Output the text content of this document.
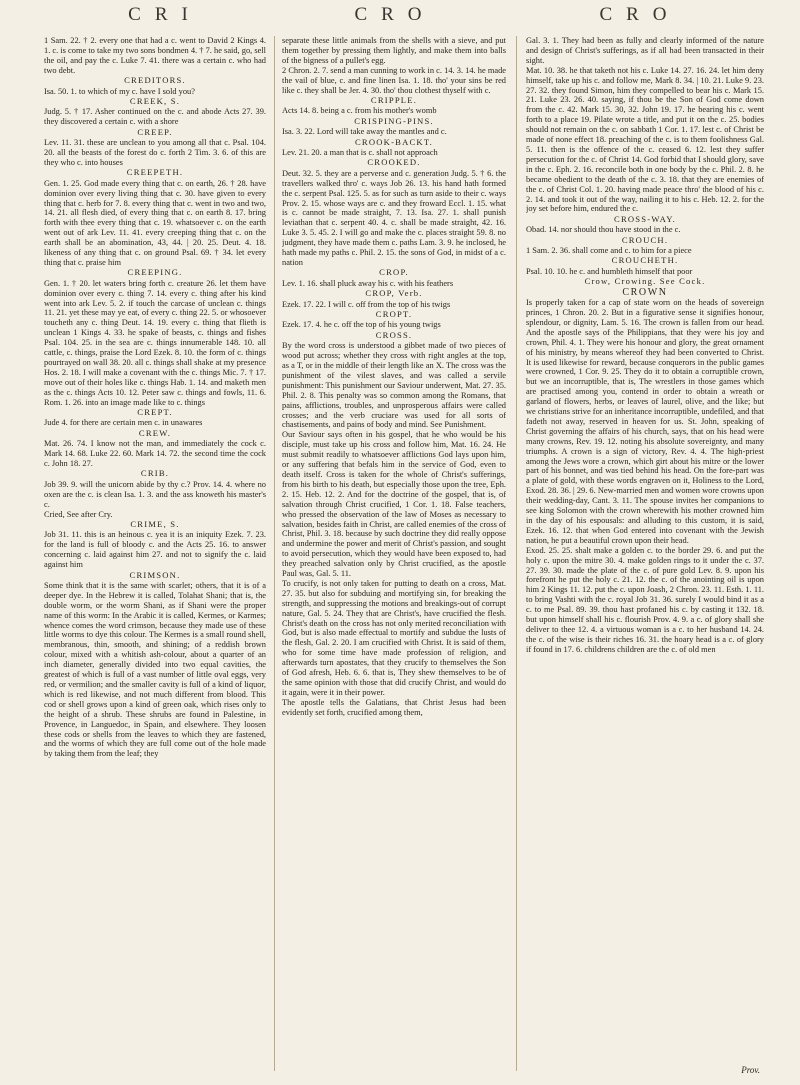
CRI	CRO	CRO

1 Sam. 22. † 2. every one that had a c. went to David 2 Kings 4. 1. c. is come to take my two sons bondmen 4. † 7. he said, go, sell the oil, and pay the c. Luke 7. 41. there was a certain c. who had two debt.

CREDITORS.

Isa. 50. 1. to which of my c. have I sold you?

CREEK, S.

Judg. 5. † 17. Asher continued on the c. and abode Acts 27. 39. they discovered a certain c. with a shore

CREEP.

Lev. 11. 31. these are unclean to you among all that c. Psal. 104. 20. all the beasts of the forest do c. forth 2 Tim. 3. 6. of this are they who c. into houses

CREEPETH.

Gen. 1. 25. God made every thing that c. on earth, 26. † 28. have dominion over every living thing that c. 30. have given to every thing that c. herb for 7. 8. every thing that c. went in two and two, 14. 21. all flesh died, of every thing that c. on earth 8. 17. bring forth with thee every thing that c. 19. whatsoever c. on the earth went out of ark Lev. 11. 41. every creeping thing that c. on the earth shall be an abomination, 43, 44. | 20. 25. Deut. 4. 18. likeness of any thing that c. on ground Psal. 69. † 34. let every thing that c. praise him

CREEPING.

Gen. 1. † 20. let waters bring forth c. creature 26. let them have dominion over every c. thing 7. 14. every c. thing after his kind went into ark Lev. 5. 2. if touch the carcase of unclean c. things 11. 21. yet these may ye eat, of every c. thing 22. 5. or whosoever toucheth any c. thing Deut. 14. 19. every c. thing that flieth is unclean 1 Kings 4. 33. he spake of beasts, c. things and fishes Psal. 104. 25. in the sea are c. things innumerable 148. 10. all cattle, c. things, praise the Lord Ezek. 8. 10. the form of c. things pourtrayed on wall 38. 20. all c. things shall shake at my presence Hos. 2. 18. I will make a covenant with the c. things Mic. 7. † 17. move out of their holes like c. things Hab. 1. 14. and maketh men as the c. things Acts 10. 12. Peter saw c. things and fowls, 11. 6. Rom. 1. 26. into an image made like to c. things

CREPT.

Jude 4. for there are certain men c. in unawares

CREW.

Mat. 26. 74. I know not the man, and immediately the cock c. Mark 14. 68. Luke 22. 60. Mark 14. 72. the second time the cock c. John 18. 27.

CRIB.

Job 39. 9. will the unicorn abide by thy c.? Prov. 14. 4. where no oxen are the c. is clean Isa. 1. 3. and the ass knoweth his master's c.

Cried, See after Cry.

CRIME, S.

Job 31. 11. this is an heinous c. yea it is an iniquity Ezek. 7. 23. for the land is full of bloody c. and the Acts 25. 16. to answer concerning c. laid against him 27. and not to signify the c. laid against him

CRIMSON.

Some think that it is the same with scarlet; others, that it is of a deeper dye. In the Hebrew it is called, Tolahat Shani; that is, the double worm, or the worm Shani, as if Shani were the proper name of this worm: In the Arabic it is called, Kermes, or Karmes; whence comes the word crimson, because they made use of these little worms to dye this colour. The Kermes is a small round shell, membranous, thin, smooth, and shining; of a reddish brown colour, mixed with a whitish ash-colour, about a quarter of an inch diameter, generally divided into two equal cavities, the greatest of which is full of a vast number of little oval eggs, very red, or vermilion; and the smaller cavity is full of a kind of liquor, which is red likewise, and not much different from blood. This cod or shell grows upon a kind of green oak, which rises only to the height of a shrub. These shrubs are found in Palestine, in Provence, in Languedoc, in Spain, and elsewhere. They loosen these cods or shells from the leaves to which they are fastened, and the worms of which they are full come out of the hole made by taking them from the leaf; they

separate these little animals from the shells with a sieve, and put them together by pressing them lightly, and make them into balls of the bigness of a pullet's egg.

2 Chron. 2. 7. send a man cunning to work in c. 14. 3. 14. he made the vail of blue, c. and fine linen Isa. 1. 18. tho' your sins be red like c. they shall be Jer. 4. 30. tho' thou clothest thyself with c.

CRIPPLE.

Acts 14. 8. being a c. from his mother's womb

CRISPING-PINS.

Isa. 3. 22. Lord will take away the mantles and c.

CROOK-BACKT.

Lev. 21. 20. a man that is c. shall not approach

CROOKED.

Deut. 32. 5. they are a perverse and c. generation Judg. 5. † 6. the travellers walked thro' c. ways Job 26. 13. his hand hath formed the c. serpent Psal. 125. 5. as for such as turn aside to their c. ways Prov. 2. 15. whose ways are c. and they froward Eccl. 1. 15. what is c. cannot be made straight, 7. 13. Isa. 27. 1. shall punish leviathan that c. serpent 40. 4. c. shall be made straight, 42. 16. Luke 3. 5. 45. 2. I will go and make the c. places straight 59. 8. no judgment, they have made them c. paths Lam. 3. 9. he inclosed, he hath made my paths c. Phil. 2. 15. the sons of God, in midst of a c. nation

CROP.

Lev. 1. 16. shall pluck away his c. with his feathers

CROP, Verb.

Ezek. 17. 22. I will c. off from the top of his twigs

CROPT.

Ezek. 17. 4. he c. off the top of his young twigs

CROSS.

By the word cross is understood a gibbet made of two pieces of wood put across; whether they cross with right angles at the top, as a T, or in the middle of their length like an X. The cross was the punishment of the vilest slaves, and was called a servile punishment: This punishment our Saviour underwent, Mat. 27. 35. Phil. 2. 8. This penalty was so common among the Romans, that pains, afflictions, troubles, and unprosperous affairs were called crosses; and the verb cruciare was used for all sorts of chastisements, and pains of body and mind. See Punishment.

Our Saviour says often in his gospel, that he who would be his disciple, must take up his cross and follow him, Mat. 16. 24. He must submit readily to whatsoever afflictions God lays upon him, or any suffering that befals him in the service of God, even to death itself. Cross is taken for the whole of Christ's sufferings, from his birth to his death, but especially those upon the tree, Eph. 2. 15. Heb. 12. 2. And for the doctrine of the gospel, that is, of salvation through Christ crucified, 1 Cor. 1. 18. False teachers, who pressed the observation of the law of Moses as necessary to salvation, besides faith in Christ, are called enemies of the cross of Christ, Phil. 3. 18. because by such doctrine they did really oppose and undermine the power and merit of Christ's passion, and sought to avoid persecution, which they would have been exposed to, had they preached salvation only by Christ crucified, as the apostle Paul was, Gal. 5. 11.

To crucify, is not only taken for putting to death on a cross, Mat. 27. 35. but also for subduing and mortifying sin, for breaking the strength, and suppressing the motions and breakings-out of corrupt nature, Gal. 5. 24. They that are Christ's, have crucified the flesh. Christ's death on the cross has not only merited reconciliation with God, but is also made effectual to mortify and subdue the lusts of the flesh, Gal. 2. 20. I am crucified with Christ. It is said of them, who for some time have made profession of religion, and afterwards turn apostates, that they crucify to themselves the Son of God afresh, Heb. 6. 6. that is, They shew themselves to be of the same opinion with those that did crucify Christ, and would do it again, were it in their power.

The apostle tells the Galatians, that Christ Jesus had been evidently set forth, crucified among them,

Gal. 3. 1. They had been as fully and clearly informed of the nature and design of Christ's sufferings, as if all had been transacted in their sight.

Mat. 10. 38. he that taketh not his c. Luke 14. 27. 16. 24. let him deny himself, take up his c. and follow me, Mark 8. 34. | 10. 21. Luke 9. 23. 27. 32. they found Simon, him they compelled to bear his c. Mark 15. 21. Luke 23. 26. 40. saying, if thou be the Son of God come down from the c. 42. Mark 15. 30, 32. John 19. 17. he bearing his c. went forth to a place 19. Pilate wrote a title, and put it on the c. 25. bodies should not remain on the c. on sabbath 1 Cor. 1. 17. lest c. of Christ be made of none effect 18. preaching of the c. is to them foolishness Gal. 5. 11. then is the offence of the c. ceased 6. 12. lest they suffer persecution for the c. of Christ 14. God forbid that I should glory, save in the c. Eph. 2. 16. reconcile both in one body by the c. Phil. 2. 8. he became obedient to the death of the c. 3. 18. that they are enemies of the c. of Christ Col. 1. 20. having made peace thro' the blood of his c. 2. 14. and took it out of the way, nailing it to his c. Heb. 12. 2. for the joy set before him, endured the c.

CROSS-WAY.

Obad. 14. nor should thou have stood in the c.

CROUCH.

1 Sam. 2. 36. shall come and c. to him for a piece

CROUCHETH.

Psal. 10. 10. he c. and humbleth himself that poor

Crow, Crowing. See Cock.
CROWN

Is properly taken for a cap of state worn on the heads of sovereign princes, 1 Chron. 20. 2. But in a figurative sense it signifies honour, splendour, or dignity, Lam. 5. 16. The crown is fallen from our head. And the apostle says of the Philippians, that they were his joy and crown, Phil. 4. 1. They were his honour and glory, the great ornament of his ministry, by means whereof they had been converted to Christ. It is used likewise for reward, because conquerors in the public games were crowned, 1 Cor. 9. 25. They do it to obtain a corruptible crown, but we an incorruptible, that is, The wrestlers in those games which are practised among you, contend in order to obtain a wreath or garland of flowers, herbs, or leaves of laurel, olive, and the like; but we christians strive for an inheritance incorruptible, undefiled, and that fadeth not away, reserved in heaven for us. St. John, speaking of Christ governing the affairs of his church, says, that on his head were many crowns, Rev. 19. 12. noting his absolute sovereignty, and many triumphs. A crown is a sign of victory, Rev. 4. 4. The high-priest among the Jews wore a crown, which girt about his mitre or the lower part of his bonnet, and was tied behind his head. On the fore-part was a plate of gold, with these words engraven on it, Holiness to the Lord, Exod. 28. 36. | 29. 6. New-married men and women wore crowns upon their wedding-day, Cant. 3. 11. The spouse invites her companions to see king Solomon with the crown wherewith his mother crowned him in the day of his espousals: and alluding to this custom, it is said, Ezek. 16. 12. that when God entered into covenant with the Jewish nation, he put a beautiful crown upon their head.

Exod. 25. 25. shalt make a golden c. to the border 29. 6. and put the holy c. upon the mitre 30. 4. make golden rings to it under the c. 37. 27. 39. 30. made the plate of the c. of pure gold Lev. 8. 9. upon his forefront he put the holy c. 21. 12. the c. of the anointing oil is upon him 2 Kings 11. 12. put the c. upon Joash, 2 Chron. 23. 11. Esth. 1. 11. to bring Vashti with the c. royal Job 31. 36. surely I would bind it as a c. to me Psal. 89. 39. thou hast profaned his c. by casting it 132. 18. but upon himself shall his c. flourish Prov. 4. 9. a c. of glory shall she deliver to thee 12. 4. a virtuous woman is a c. to her husband 14. 24. the c. of the wise is their riches 16. 31. the hoary head is a c. of glory if found in 17. 6. childrens children are the c. of old men

Prov.
